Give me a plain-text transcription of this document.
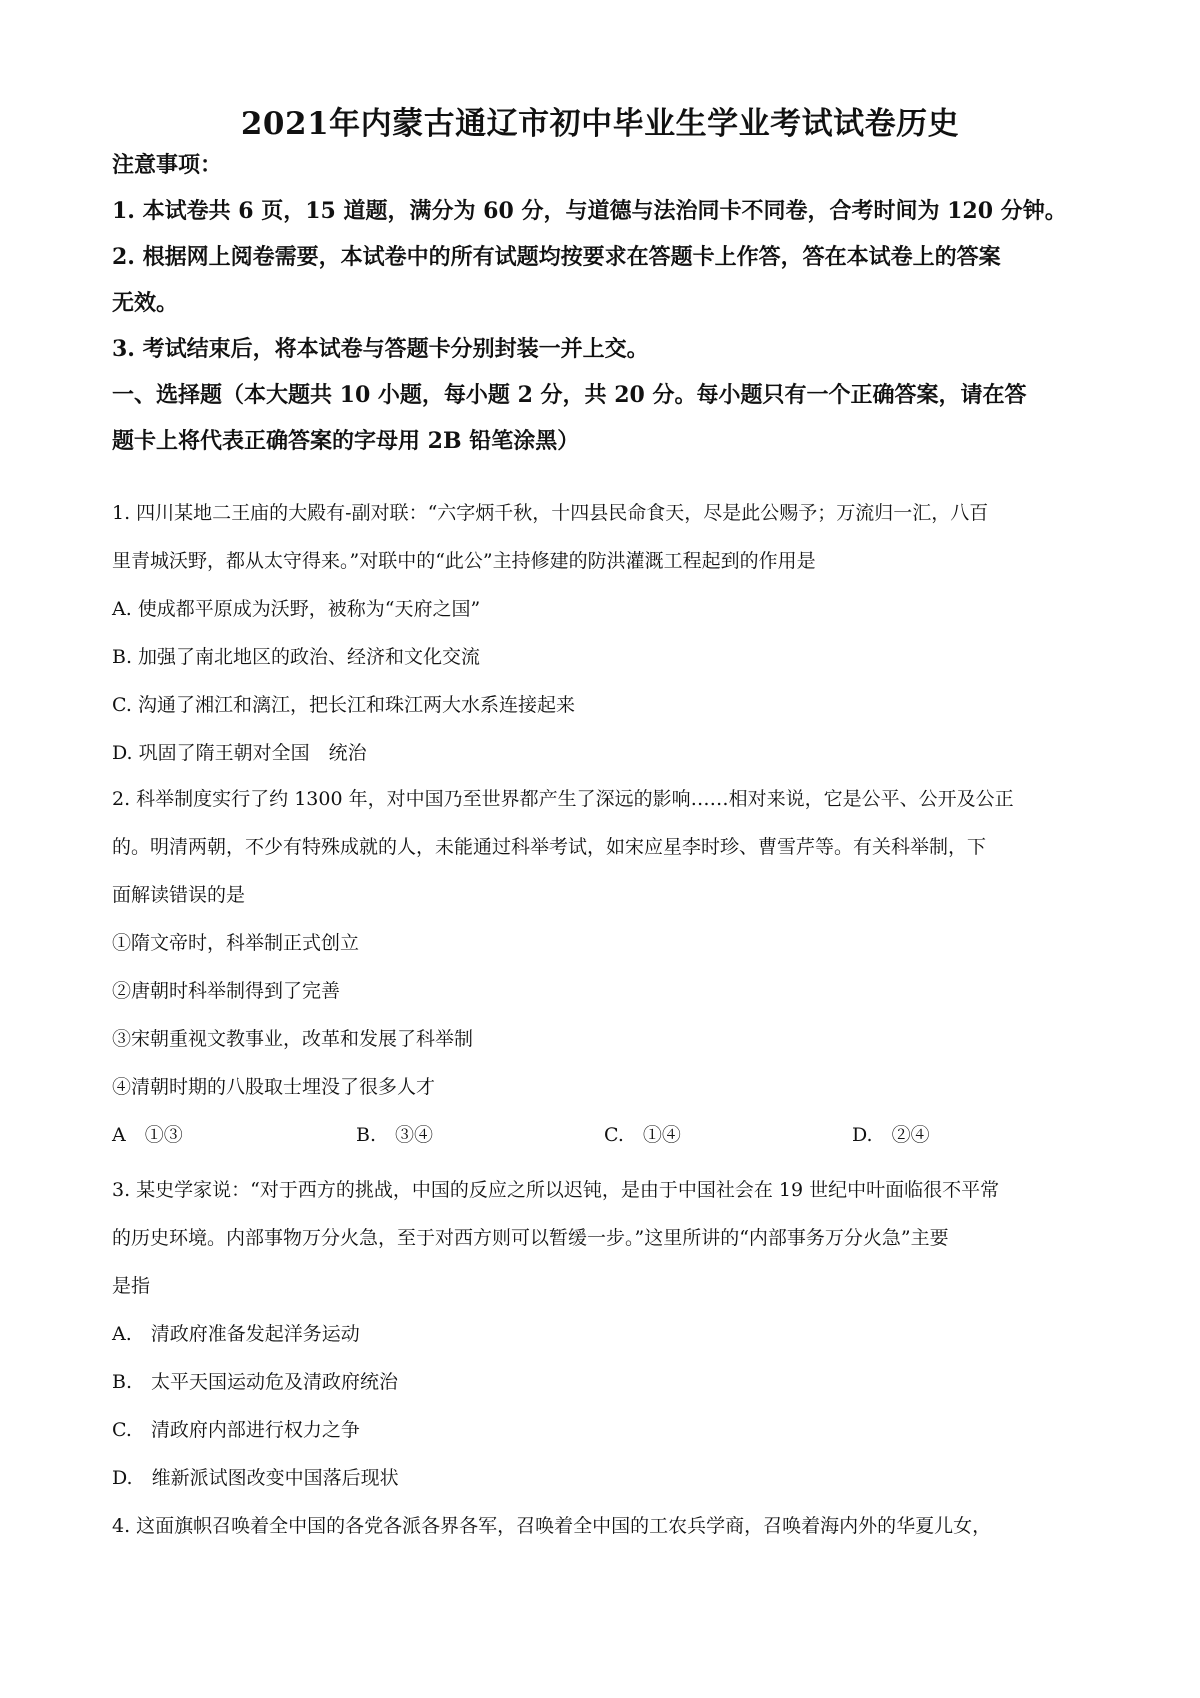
2021年内蒙古通辽市初中毕业生学业考试试卷历史
注意事项：
1. 本试卷共 6 页，15 道题，满分为 60 分，与道德与法治同卡不同卷，合考时间为 120 分钟。
2. 根据网上阅卷需要，本试卷中的所有试题均按要求在答题卡上作答，答在本试卷上的答案
无效。
3. 考试结束后，将本试卷与答题卡分别封装一并上交。
一、选择题（本大题共 10 小题，每小题 2 分，共 20 分。每小题只有一个正确答案，请在答
题卡上将代表正确答案的字母用 2B 铅笔涂黑）
1. 四川某地二王庙的大殿有-副对联：“六字炳千秋，十四县民命食天，尽是此公赐予；万流归一汇，八百
里青城沃野，都从太守得来。”对联中的“此公”主持修建的防洪灌溉工程起到的作用是
A. 使成都平原成为沃野，被称为“天府之国”
B. 加强了南北地区的政治、经济和文化交流
C. 沟通了湘江和漓江，把长江和珠江两大水系连接起来
D. 巩固了隋王朝对全国　统治
2. 科举制度实行了约 1300 年，对中国乃至世界都产生了深远的影响……相对来说，它是公平、公开及公正
的。明清两朝，不少有特殊成就的人，未能通过科举考试，如宋应星李时珍、曹雪芹等。有关科举制，下
面解读错误的是
①隋文帝时，科举制正式创立
②唐朝时科举制得到了完善
③宋朝重视文教事业，改革和发展了科举制
④清朝时期的八股取士埋没了很多人才
A　①③	B.　③④	C.　①④	D.　②④
3. 某史学家说：“对于西方的挑战，中国的反应之所以迟钝，是由于中国社会在 19 世纪中叶面临很不平常
的历史环境。内部事物万分火急，至于对西方则可以暂缓一步。”这里所讲的“内部事务万分火急”主要
是指
A.　清政府准备发起洋务运动
B.　太平天国运动危及清政府统治
C.　清政府内部进行权力之争
D.　维新派试图改变中国落后现状
4. 这面旗帜召唤着全中国的各党各派各界各军，召唤着全中国的工农兵学商，召唤着海内外的华夏儿女，
